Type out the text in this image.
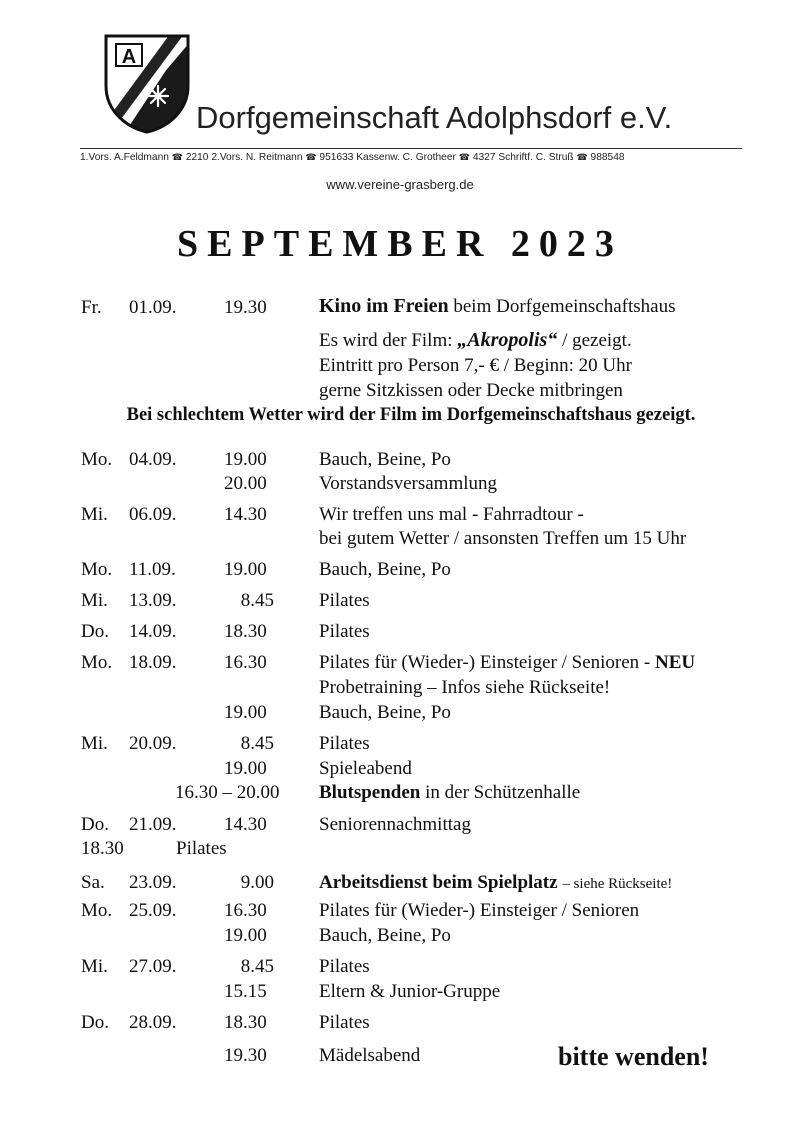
A
Dorfgemeinschaft Adolphsdorf e.V.
1.Vors. A.Feldmann ☎ 2210 2.Vors. N. Reitmann ☎ 951633 Kassenw. C. Grotheer ☎ 4327 Schriftf. C. Struß ☎ 988548
www.vereine-grasberg.de
SEPTEMBER 2023
Fr. 01.09.	19.30	Kino im Freien beim Dorfgemeinschaftshaus
Es wird der Film: „Akropolis“ / gezeigt.
Eintritt pro Person 7,- € / Beginn: 20 Uhr
gerne Sitzkissen oder Decke mitbringen
Bei schlechtem Wetter wird der Film im Dorfgemeinschaftshaus gezeigt.
Mo. 04.09.	19.00	Bauch, Beine, Po
20.00	Vorstandsversammlung
Mi. 06.09.	14.30	Wir treffen uns mal - Fahrradtour -
bei gutem Wetter / ansonsten Treffen um 15 Uhr
Mo. 11.09.	19.00	Bauch, Beine, Po
Mi. 13.09.	8.45 Pilates
Do. 14.09.	18.30	Pilates
Mo. 18.09.	16.30	Pilates für (Wieder-) Einsteiger / Senioren - NEU
Probetraining – Infos siehe Rückseite!
19.00	Bauch, Beine, Po
Mi. 20.09.	8.45 Pilates
19.00	Spieleabend
16.30 – 20.00 Blutspenden in der Schützenhalle
Do. 21.09.	14.30	Seniorennachmittag
18.30	Pilates
Sa. 23.09.	9.00 Arbeitsdienst beim Spielplatz – siehe Rückseite!
Mo. 25.09.	16.30	Pilates für (Wieder-) Einsteiger / Senioren
19.00	Bauch, Beine, Po
Mi. 27.09.	8.45 Pilates
15.15	Eltern & Junior-Gruppe
Do. 28.09.	18.30	Pilates
19.30	Mädelsabend	bitte wenden!
